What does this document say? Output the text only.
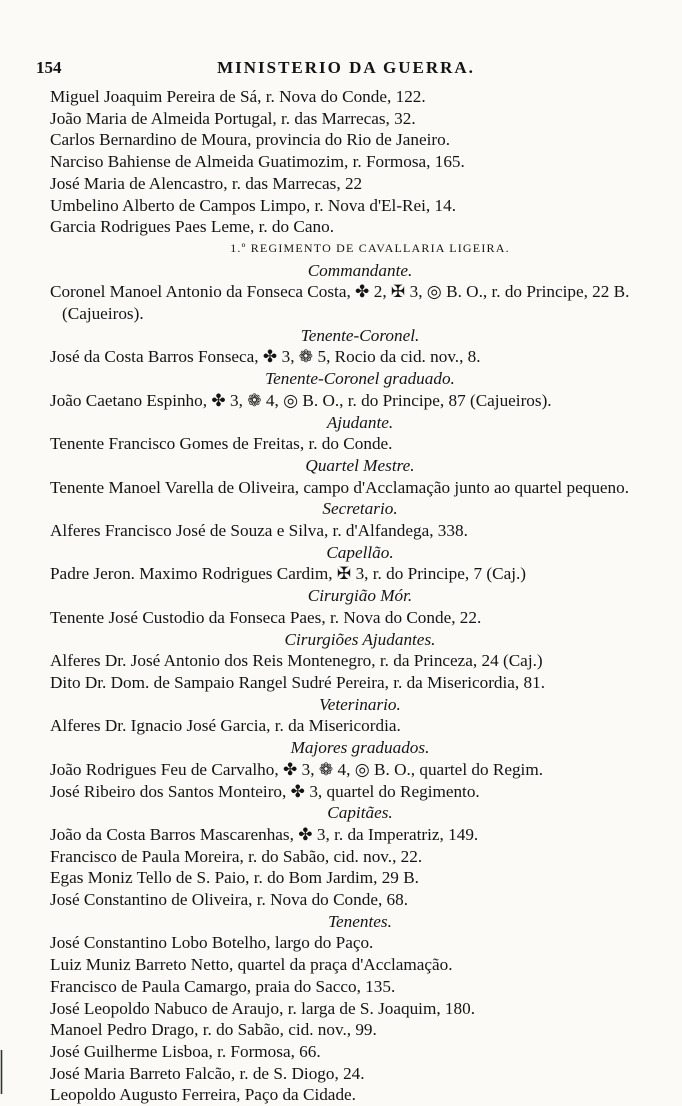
154	MINISTERIO DA GUERRA.
Miguel Joaquim Pereira de Sá, r. Nova do Conde, 122.
João Maria de Almeida Portugal, r. das Marrecas, 32.
Carlos Bernardino de Moura, provincia do Rio de Janeiro.
Narciso Bahiense de Almeida Guatimozim, r. Formosa, 165.
José Maria de Alencastro, r. das Marrecas, 22
Umbelino Alberto de Campos Limpo, r. Nova d'El-Rei, 14.
Garcia Rodrigues Paes Leme, r. do Cano.
1.º REGIMENTO DE CAVALLARIA LIGEIRA.
Commandante.
Coronel Manoel Antonio da Fonseca Costa, ✤ 2, ✠ 3, ◎ B. O., r. do Principe, 22 B. (Cajueiros).
Tenente-Coronel.
José da Costa Barros Fonseca, ✤ 3, ❁ 5, Rocio da cid. nov., 8.
Tenente-Coronel graduado.
João Caetano Espinho, ✤ 3, ❁ 4, ◎ B. O., r. do Principe, 87 (Cajueiros).
Ajudante.
Tenente Francisco Gomes de Freitas, r. do Conde.
Quartel Mestre.
Tenente Manoel Varella de Oliveira, campo d'Acclamação junto ao quartel pequeno.
Secretario.
Alferes Francisco José de Souza e Silva, r. d'Alfandega, 338.
Capellão.
Padre Jeron. Maximo Rodrigues Cardim, ✠ 3, r. do Principe, 7 (Caj.)
Cirurgião Mór.
Tenente José Custodio da Fonseca Paes, r. Nova do Conde, 22.
Cirurgiões Ajudantes.
Alferes Dr. José Antonio dos Reis Montenegro, r. da Princeza, 24 (Caj.)
Dito Dr. Dom. de Sampaio Rangel Sudré Pereira, r. da Misericordia, 81.
Veterinario.
Alferes Dr. Ignacio José Garcia, r. da Misericordia.
Majores graduados.
João Rodrigues Feu de Carvalho, ✤ 3, ❁ 4, ◎ B. O., quartel do Regim.
José Ribeiro dos Santos Monteiro, ✤ 3, quartel do Regimento.
Capitães.
João da Costa Barros Mascarenhas, ✤ 3, r. da Imperatriz, 149.
Francisco de Paula Moreira, r. do Sabão, cid. nov., 22.
Egas Moniz Tello de S. Paio, r. do Bom Jardim, 29 B.
José Constantino de Oliveira, r. Nova do Conde, 68.
Tenentes.
José Constantino Lobo Botelho, largo do Paço.
Luiz Muniz Barreto Netto, quartel da praça d'Acclamação.
Francisco de Paula Camargo, praia do Sacco, 135.
José Leopoldo Nabuco de Araujo, r. larga de S. Joaquim, 180.
Manoel Pedro Drago, r. do Sabão, cid. nov., 99.
José Guilherme Lisboa, r. Formosa, 66.
José Maria Barreto Falcão, r. de S. Diogo, 24.
Leopoldo Augusto Ferreira, Paço da Cidade.
